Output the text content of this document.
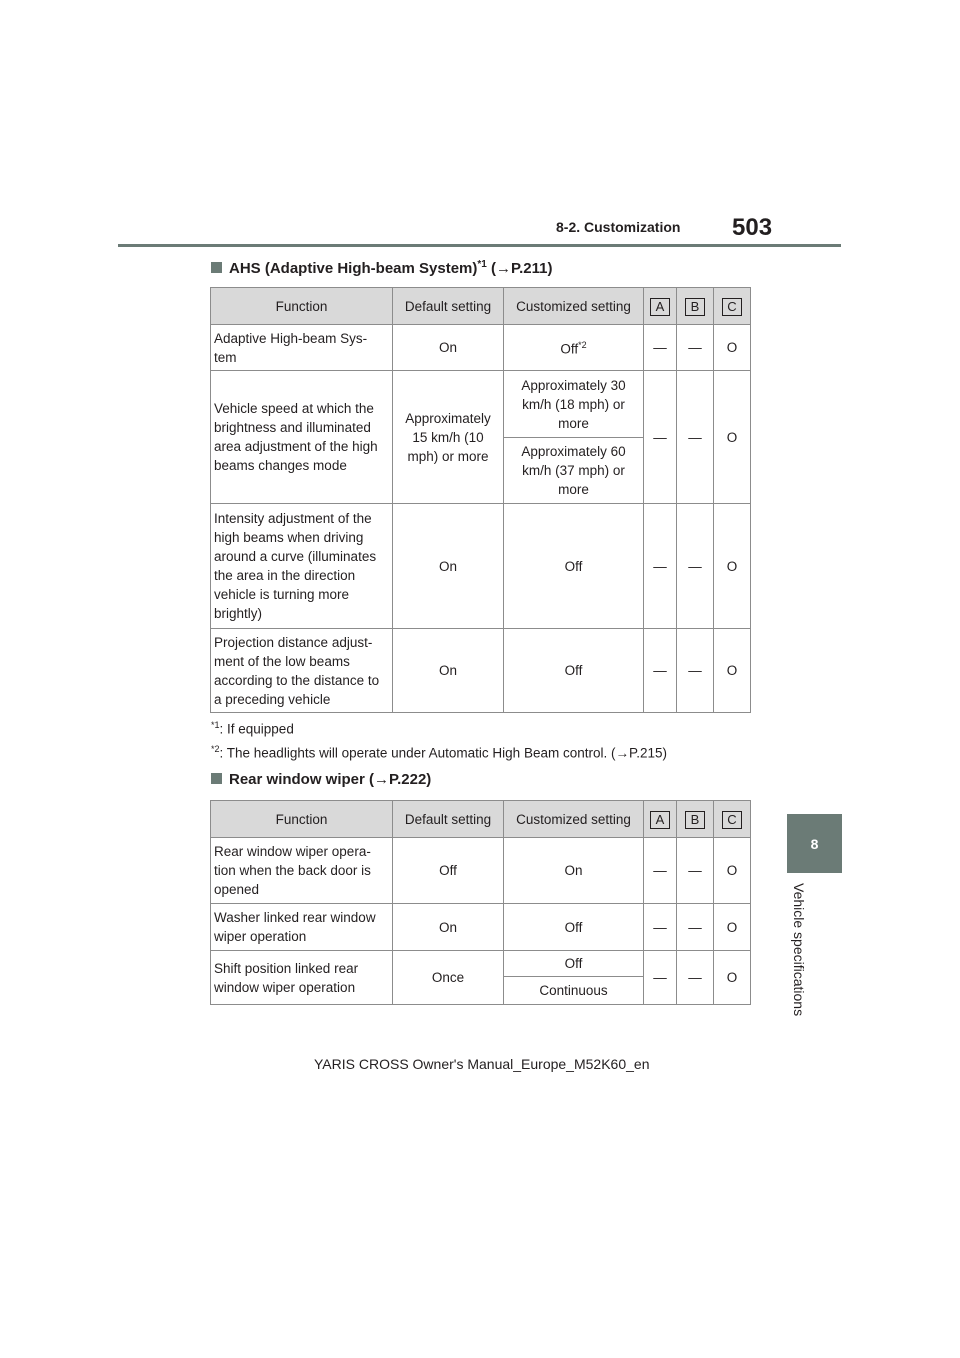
8-2. Customization 503
8
Vehicle specifications
AHS (Adaptive High-beam System)$^{*1}$ (→P.211)
Function	Default setting	Customized setting	A	B	C
Adaptive High-beam Sys-tem	On	Off$^{*2}$	—	—	O
Vehicle speed at which the brightness and illuminated area adjustment of the high beams changes mode	Approximately 15 km/h (10 mph) or more	Approximately 30 km/h (18 mph) or more	—	—	O
		Approximately 60 km/h (37 mph) or more			
Intensity adjustment of the high beams when driving around a curve (illuminates the area in the direction vehicle is turning more brightly)	On	Off	—	—	O
Projection distance adjust-ment of the low beams according to the distance to a preceding vehicle	On	Off	—	—	O
$^{*1}$: If equipped
$^{*2}$: The headlights will operate under Automatic High Beam control. (→P.215)
Rear window wiper (→P.222)
Function	Default setting	Customized setting	A	B	C
Rear window wiper opera-tion when the back door is opened	Off	On	—	—	O
Washer linked rear window wiper operation	On	Off	—	—	O
Shift position linked rear window wiper operation	Once	Off	—	—	O
		Continuous			
YARIS CROSS Owner's Manual_Europe_M52K60_en
